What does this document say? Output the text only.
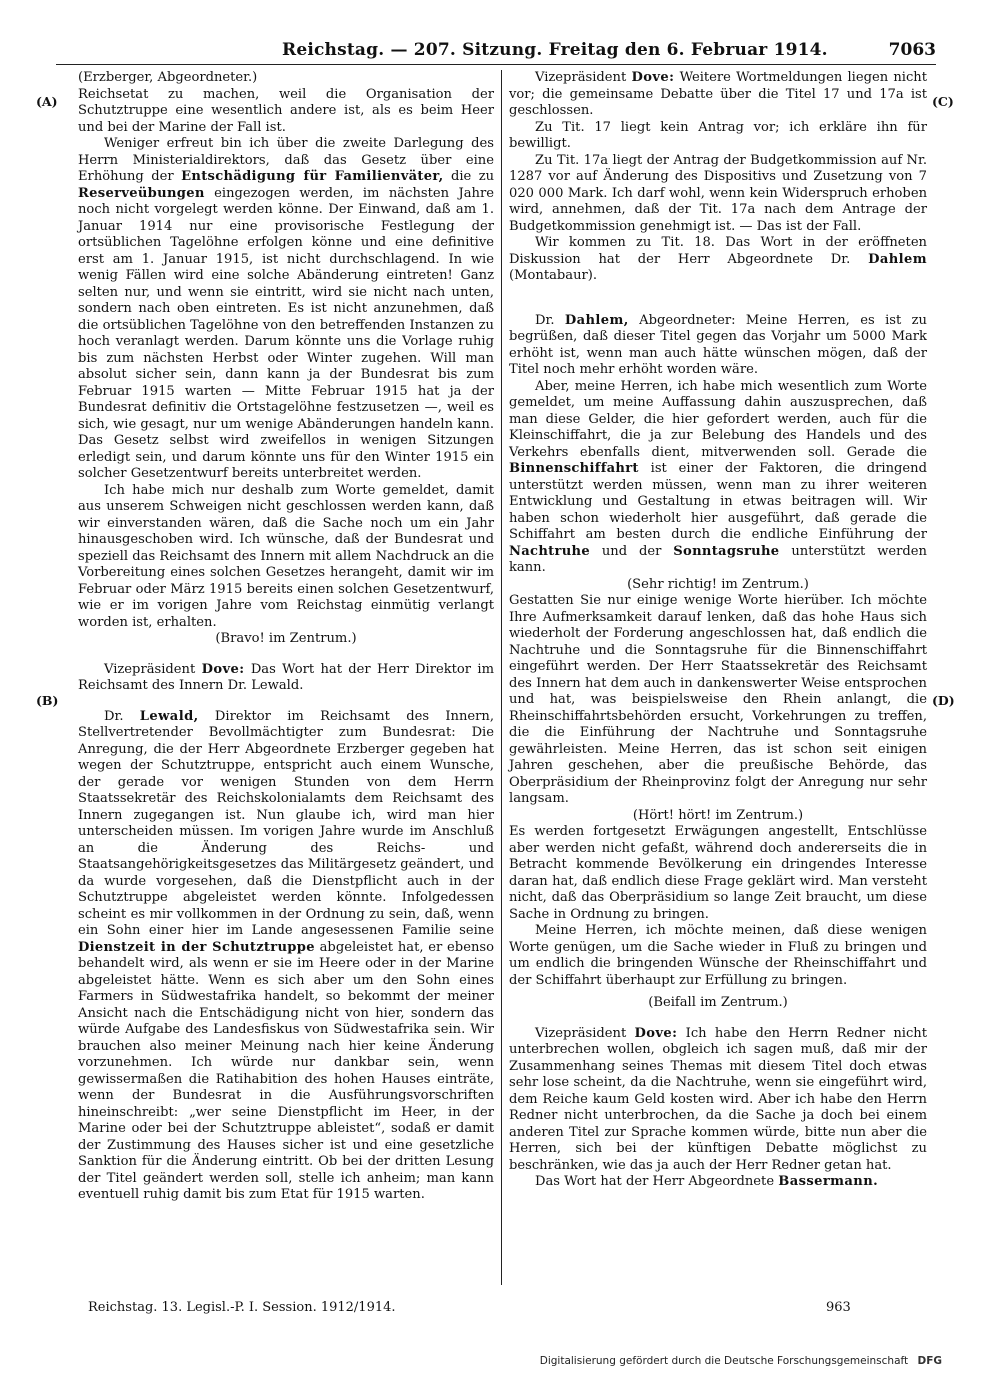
Reichstag. — 207. Sitzung. Freitag den 6. Februar 1914.	7063
(A)
(B)
(C)
(D)

(Erzberger, Abgeordneter.)

Reichsetat zu machen, weil die Organisation der Schutztruppe eine wesentlich andere ist, als es beim Heer und bei der Marine der Fall ist.

Weniger erfreut bin ich über die zweite Darlegung des Herrn Ministerialdirektors, daß das Gesetz über eine Erhöhung der Entschädigung für Familienväter, die zu Reserveübungen eingezogen werden, im nächsten Jahre noch nicht vorgelegt werden könne. Der Einwand, daß am 1. Januar 1914 nur eine provisorische Festlegung der ortsüblichen Tagelöhne erfolgen könne und eine definitive erst am 1. Januar 1915, ist nicht durchschlagend. In wie wenig Fällen wird eine solche Abänderung eintreten! Ganz selten nur, und wenn sie eintritt, wird sie nicht nach unten, sondern nach oben eintreten. Es ist nicht anzunehmen, daß die ortsüblichen Tagelöhne von den betreffenden Instanzen zu hoch veranlagt werden. Darum könnte uns die Vorlage ruhig bis zum nächsten Herbst oder Winter zugehen. Will man absolut sicher sein, dann kann ja der Bundesrat bis zum Februar 1915 warten — Mitte Februar 1915 hat ja der Bundesrat definitiv die Ortstagelöhne festzusetzen —, weil es sich, wie gesagt, nur um wenige Abänderungen handeln kann. Das Gesetz selbst wird zweifellos in wenigen Sitzungen erledigt sein, und darum könnte uns für den Winter 1915 ein solcher Gesetzentwurf bereits unterbreitet werden.

Ich habe mich nur deshalb zum Worte gemeldet, damit aus unserem Schweigen nicht geschlossen werden kann, daß wir einverstanden wären, daß die Sache noch um ein Jahr hinausgeschoben wird. Ich wünsche, daß der Bundesrat und speziell das Reichsamt des Innern mit allem Nachdruck an die Vorbereitung eines solchen Gesetzes herangeht, damit wir im Februar oder März 1915 bereits einen solchen Gesetzentwurf, wie er im vorigen Jahre vom Reichstag einmütig verlangt worden ist, erhalten.

(Bravo! im Zentrum.)

Vizepräsident Dove: Das Wort hat der Herr Direktor im Reichsamt des Innern Dr. Lewald.

Dr. Lewald, Direktor im Reichsamt des Innern, Stellvertretender Bevollmächtigter zum Bundesrat: Die Anregung, die der Herr Abgeordnete Erzberger gegeben hat wegen der Schutztruppe, entspricht auch einem Wunsche, der gerade vor wenigen Stunden von dem Herrn Staatssekretär des Reichskolonialamts dem Reichsamt des Innern zugegangen ist. Nun glaube ich, wird man hier unterscheiden müssen. Im vorigen Jahre wurde im Anschluß an die Änderung des Reichs- und Staatsangehörigkeitsgesetzes das Militärgesetz geändert, und da wurde vorgesehen, daß die Dienstpflicht auch in der Schutztruppe abgeleistet werden könnte. Infolgedessen scheint es mir vollkommen in der Ordnung zu sein, daß, wenn ein Sohn einer hier im Lande angesessenen Familie seine Dienstzeit in der Schutztruppe abgeleistet hat, er ebenso behandelt wird, als wenn er sie im Heere oder in der Marine abgeleistet hätte. Wenn es sich aber um den Sohn eines Farmers in Südwestafrika handelt, so bekommt der meiner Ansicht nach die Entschädigung nicht von hier, sondern das würde Aufgabe des Landesfiskus von Südwestafrika sein. Wir brauchen also meiner Meinung nach hier keine Änderung vorzunehmen. Ich würde nur dankbar sein, wenn gewissermaßen die Ratihabition des hohen Hauses einträte, wenn der Bundesrat in die Ausführungsvorschriften hineinschreibt: „wer seine Dienstpflicht im Heer, in der Marine oder bei der Schutztruppe ableistet“, sodaß er damit der Zustimmung des Hauses sicher ist und eine gesetzliche Sanktion für die Änderung eintritt. Ob bei der dritten Lesung der Titel geändert werden soll, stelle ich anheim; man kann eventuell ruhig damit bis zum Etat für 1915 warten.

Vizepräsident Dove: Weitere Wortmeldungen liegen nicht vor; die gemeinsame Debatte über die Titel 17 und 17a ist geschlossen.

Zu Tit. 17 liegt kein Antrag vor; ich erkläre ihn für bewilligt.

Zu Tit. 17a liegt der Antrag der Budgetkommission auf Nr. 1287 vor auf Änderung des Dispositivs und Zusetzung von 7 020 000 Mark. Ich darf wohl, wenn kein Widerspruch erhoben wird, annehmen, daß der Tit. 17a nach dem Antrage der Budgetkommission genehmigt ist. — Das ist der Fall.

Wir kommen zu Tit. 18. Das Wort in der eröffneten Diskussion hat der Herr Abgeordnete Dr. Dahlem (Montabaur).

Dr. Dahlem, Abgeordneter: Meine Herren, es ist zu begrüßen, daß dieser Titel gegen das Vorjahr um 5000 Mark erhöht ist, wenn man auch hätte wünschen mögen, daß der Titel noch mehr erhöht worden wäre.

Aber, meine Herren, ich habe mich wesentlich zum Worte gemeldet, um meine Auffassung dahin auszusprechen, daß man diese Gelder, die hier gefordert werden, auch für die Kleinschiffahrt, die ja zur Belebung des Handels und des Verkehrs ebenfalls dient, mitverwenden soll. Gerade die Binnenschiffahrt ist einer der Faktoren, die dringend unterstützt werden müssen, wenn man zu ihrer weiteren Entwicklung und Gestaltung in etwas beitragen will. Wir haben schon wiederholt hier ausgeführt, daß gerade die Schiffahrt am besten durch die endliche Einführung der Nachtruhe und der Sonntagsruhe unterstützt werden kann.

(Sehr richtig! im Zentrum.)

Gestatten Sie nur einige wenige Worte hierüber. Ich möchte Ihre Aufmerksamkeit darauf lenken, daß das hohe Haus sich wiederholt der Forderung angeschlossen hat, daß endlich die Nachtruhe und die Sonntagsruhe für die Binnenschiffahrt eingeführt werden. Der Herr Staatssekretär des Reichsamt des Innern hat dem auch in dankenswerter Weise entsprochen und hat, was beispielsweise den Rhein anlangt, die Rheinschiffahrtsbehörden ersucht, Vorkehrungen zu treffen, die die Einführung der Nachtruhe und Sonntagsruhe gewährleisten. Meine Herren, das ist schon seit einigen Jahren geschehen, aber die preußische Behörde, das Oberpräsidium der Rheinprovinz folgt der Anregung nur sehr langsam.

(Hört! hört! im Zentrum.)

Es werden fortgesetzt Erwägungen angestellt, Entschlüsse aber werden nicht gefaßt, während doch andererseits die in Betracht kommende Bevölkerung ein dringendes Interesse daran hat, daß endlich diese Frage geklärt wird. Man versteht nicht, daß das Oberpräsidium so lange Zeit braucht, um diese Sache in Ordnung zu bringen.

Meine Herren, ich möchte meinen, daß diese wenigen Worte genügen, um die Sache wieder in Fluß zu bringen und um endlich die bringenden Wünsche der Rheinschiffahrt und der Schiffahrt überhaupt zur Erfüllung zu bringen.

(Beifall im Zentrum.)

Vizepräsident Dove: Ich habe den Herrn Redner nicht unterbrechen wollen, obgleich ich sagen muß, daß mir der Zusammenhang seines Themas mit diesem Titel doch etwas sehr lose scheint, da die Nachtruhe, wenn sie eingeführt wird, dem Reiche kaum Geld kosten wird. Aber ich habe den Herrn Redner nicht unterbrochen, da die Sache ja doch bei einem anderen Titel zur Sprache kommen würde, bitte nun aber die Herren, sich bei der künftigen Debatte möglichst zu beschränken, wie das ja auch der Herr Redner getan hat.

Das Wort hat der Herr Abgeordnete Bassermann.

Reichstag. 13. Legisl.-P. I. Session. 1912/1914.	963
Digitalisierung gefördert durch die Deutsche Forschungsgemeinschaft DFG
